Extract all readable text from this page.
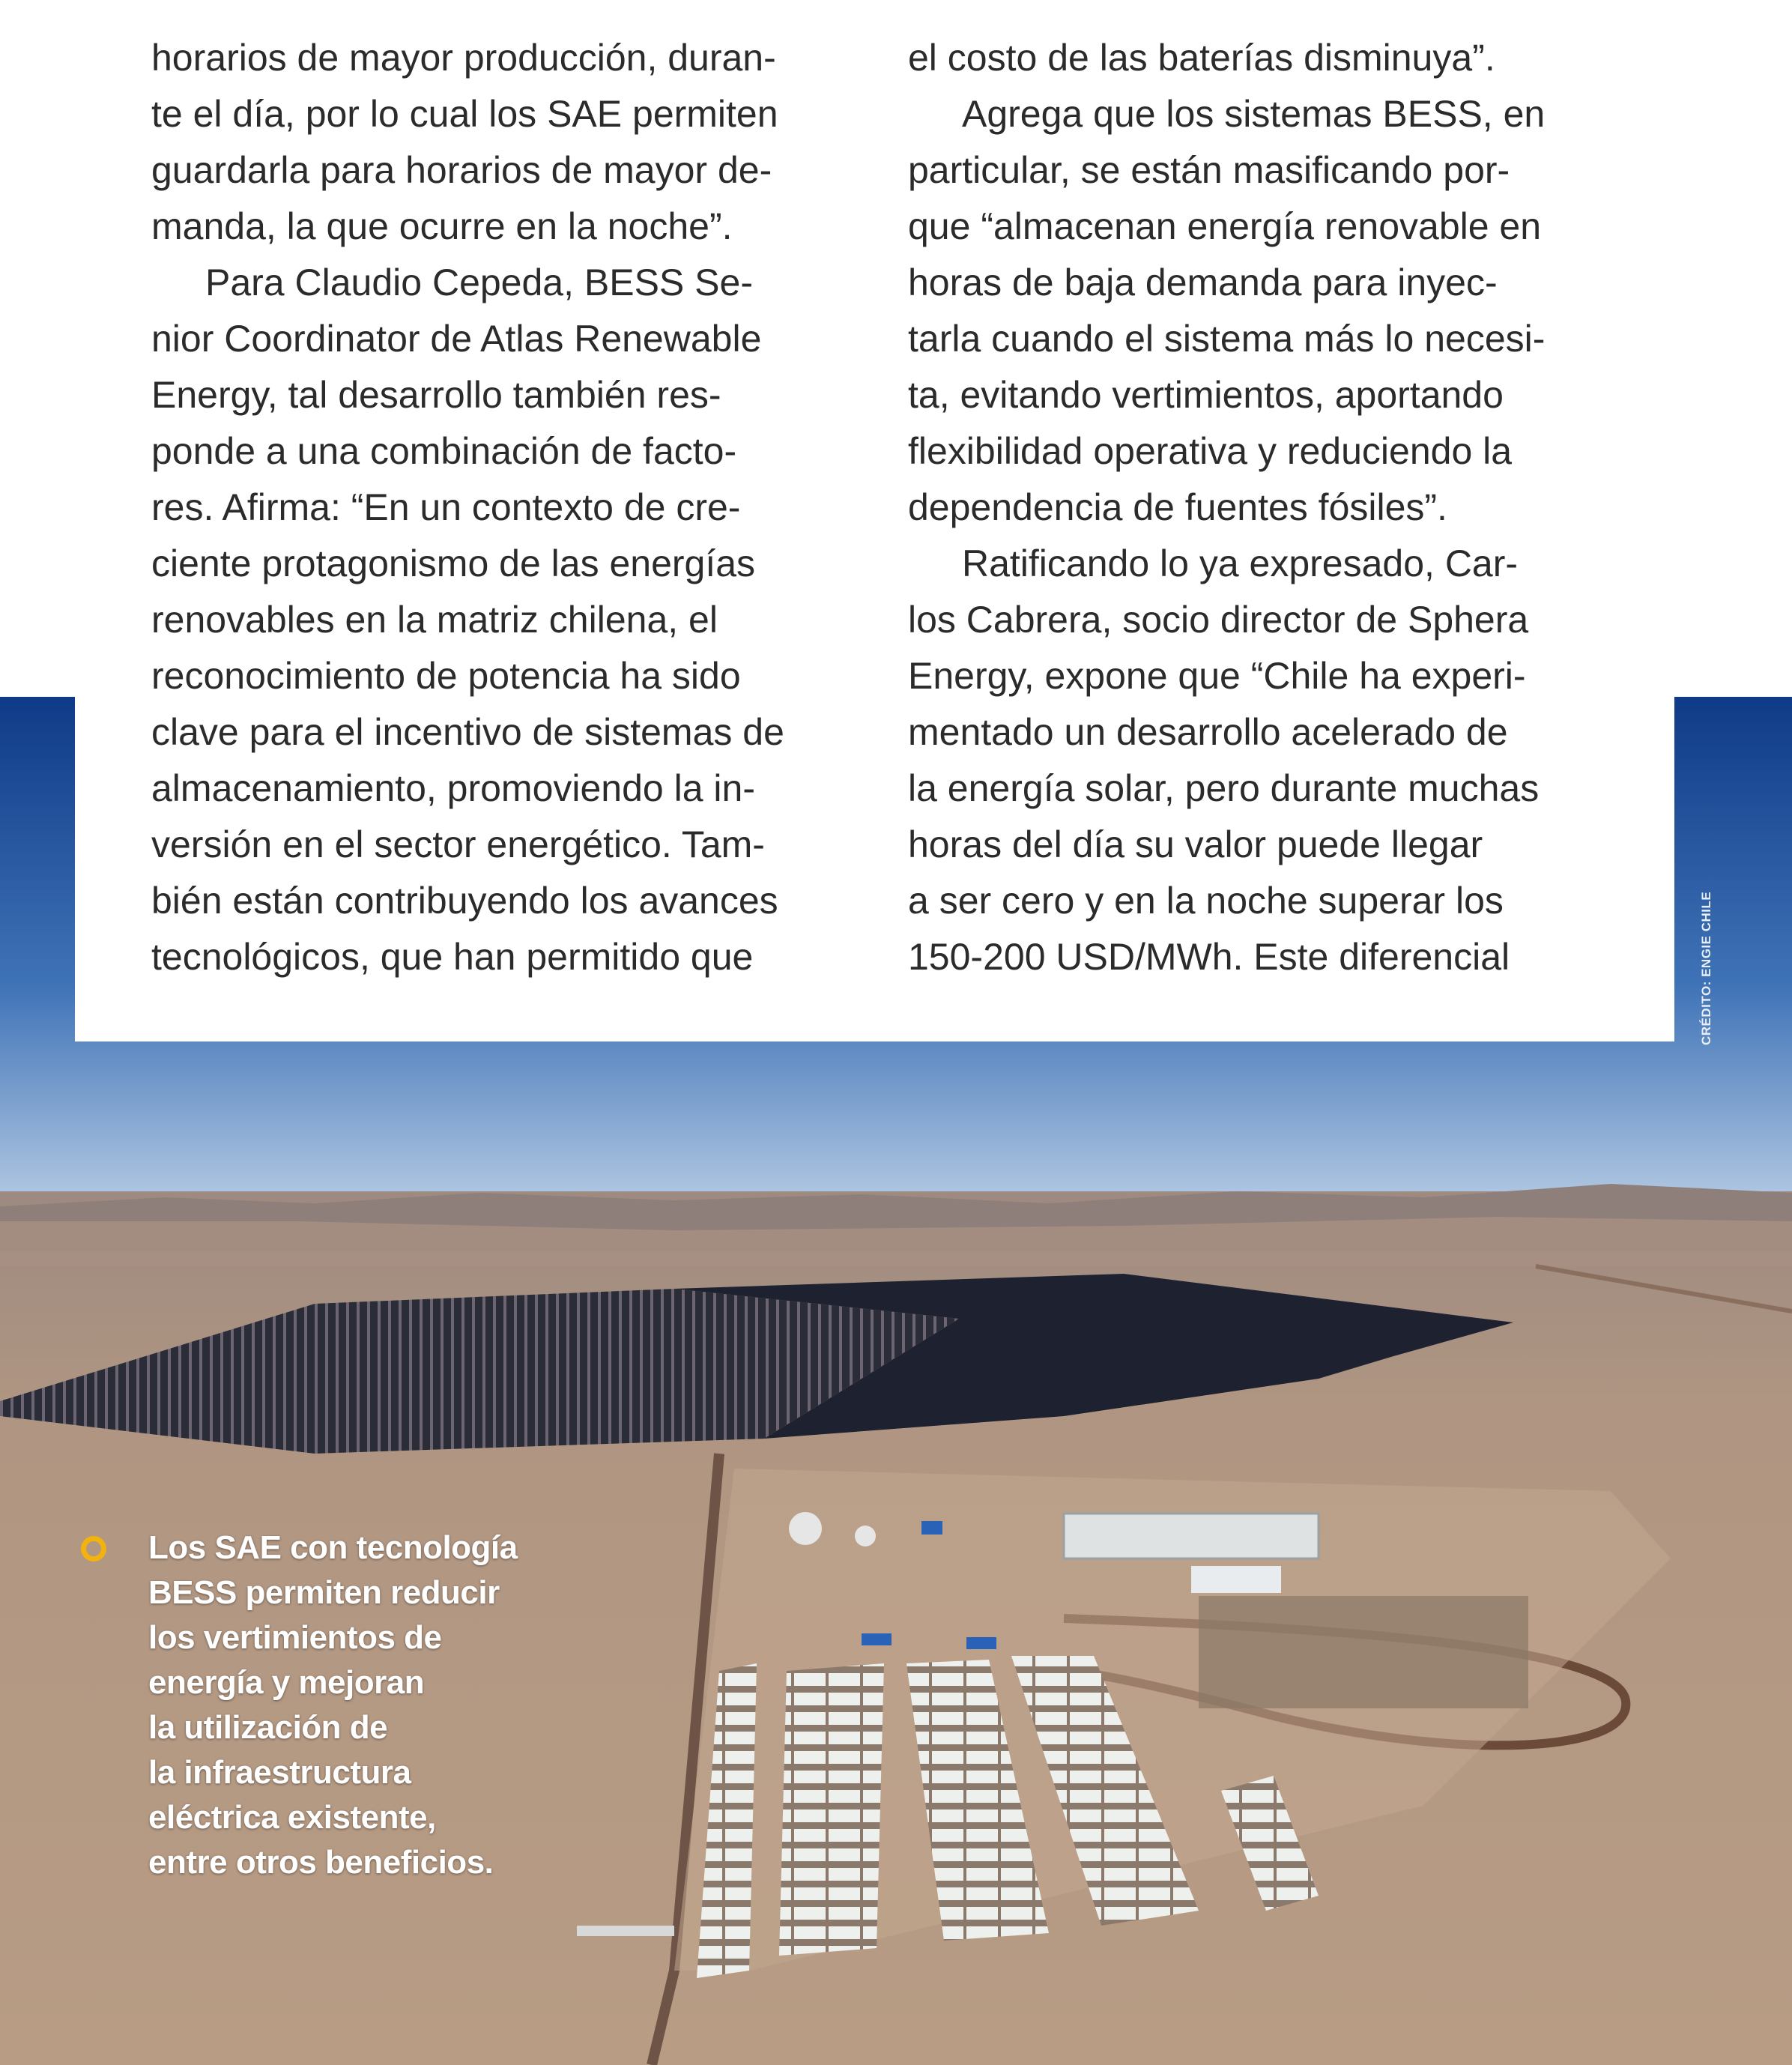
horarios de mayor producción, duran-
te el día, por lo cual los SAE permiten
guardarla para horarios de mayor de-
manda, la que ocurre en la noche”.
Para Claudio Cepeda, BESS Se-
nior Coordinator de Atlas Renewable
Energy, tal desarrollo también res-
ponde a una combinación de facto-
res. Afirma: “En un contexto de cre-
ciente protagonismo de las energías
renovables en la matriz chilena, el
reconocimiento de potencia ha sido
clave para el incentivo de sistemas de
almacenamiento, promoviendo la in-
versión en el sector energético. Tam-
bién están contribuyendo los avances
tecnológicos, que han permitido que
el costo de las baterías disminuya”.
Agrega que los sistemas BESS, en
particular, se están masificando por-
que “almacenan energía renovable en
horas de baja demanda para inyec-
tarla cuando el sistema más lo necesi-
ta, evitando vertimientos, aportando
flexibilidad operativa y reduciendo la
dependencia de fuentes fósiles”.
Ratificando lo ya expresado, Car-
los Cabrera, socio director de Sphera
Energy, expone que “Chile ha experi-
mentado un desarrollo acelerado de
la energía solar, pero durante muchas
horas del día su valor puede llegar
a ser cero y en la noche superar los
150-200 USD/MWh. Este diferencial	CRÉDITO: ENGIE CHILE
Los SAE con tecnología
BESS permiten reducir
los vertimientos de
energía y mejoran
la utilización de
la infraestructura
eléctrica existente,
entre otros beneficios.
